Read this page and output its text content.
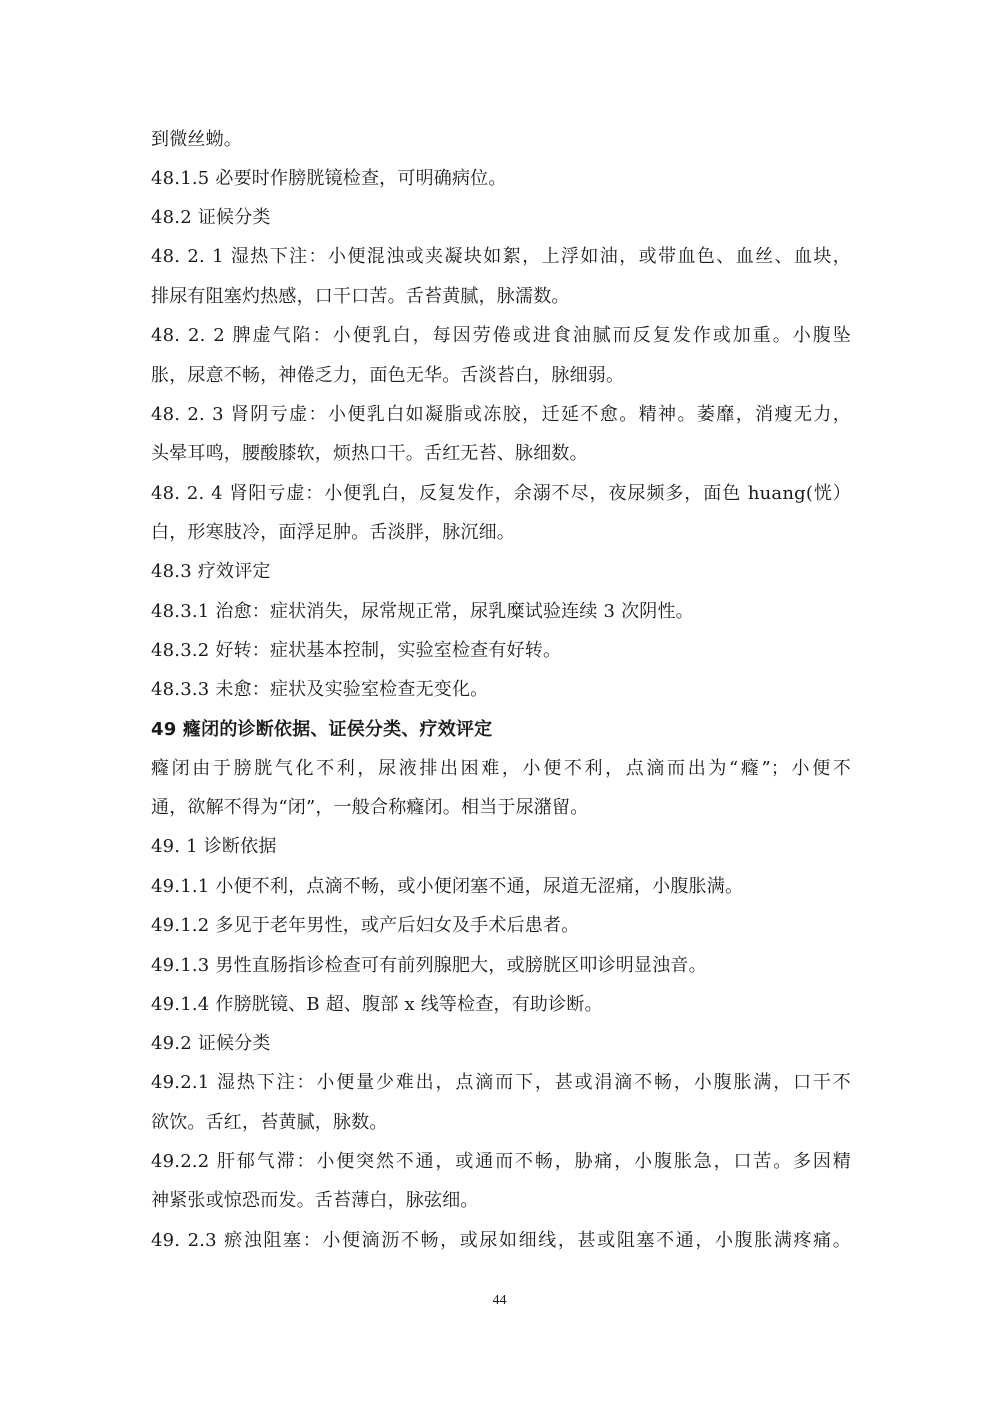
到微丝蚴。
48.1.5 必要时作膀胱镜检查，可明确病位。
48.2 证候分类
48. 2. 1 湿热下注：小便混浊或夹凝块如絮，上浮如油，或带血色、血丝、血块，
排尿有阻塞灼热感，口干口苦。舌苔黄腻，脉濡数。
48. 2. 2 脾虚气陷：小便乳白，每因劳倦或进食油腻而反复发作或加重。小腹坠
胀，尿意不畅，神倦乏力，面色无华。舌淡苔白，脉细弱。
48. 2. 3 肾阴亏虚：小便乳白如凝脂或冻胶，迁延不愈。精神。萎靡，消瘦无力，
头晕耳鸣，腰酸膝软，烦热口干。舌红无苔、脉细数。
48. 2. 4 肾阳亏虚：小便乳白，反复发作，余溺不尽，夜尿频多，面色 huang(恍）
白，形寒肢冷，面浮足肿。舌淡胖，脉沉细。
48.3 疗效评定
48.3.1 治愈：症状消失，尿常规正常，尿乳糜试验连续 3 次阴性。
48.3.2 好转：症状基本控制，实验室检查有好转。
48.3.3 未愈：症状及实验室检查无变化。
49 癃闭的诊断依据、证侯分类、疗效评定
癃闭由于膀胱气化不利，尿液排出困难，小便不利，点滴而出为“癃”；小便不
通，欲解不得为“闭”，一般合称癃闭。相当于尿潴留。
49. 1 诊断依据
49.1.1 小便不利，点滴不畅，或小便闭塞不通，尿道无涩痛，小腹胀满。
49.1.2 多见于老年男性，或产后妇女及手术后患者。
49.1.3 男性直肠指诊检查可有前列腺肥大，或膀胱区叩诊明显浊音。
49.1.4 作膀胱镜、B 超、腹部 x 线等检查，有助诊断。
49.2 证候分类
49.2.1 湿热下注：小便量少难出，点滴而下，甚或涓滴不畅，小腹胀满，口干不
欲饮。舌红，苔黄腻，脉数。
49.2.2 肝郁气滞：小便突然不通，或通而不畅，胁痛，小腹胀急，口苦。多因精
神紧张或惊恐而发。舌苔薄白，脉弦细。
49. 2.3 瘀浊阻塞：小便滴沥不畅，或尿如细线，甚或阻塞不通，小腹胀满疼痛。
44
